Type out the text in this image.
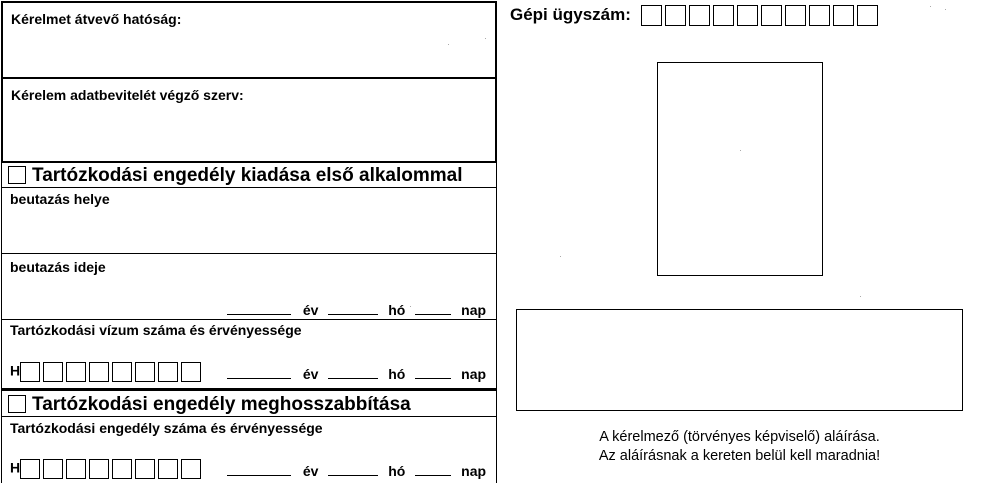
Kérelmet átvevő hatóság:
Kérelem adatbevitelét végző szerv:
Tartózkodási engedély kiadása első alkalommal
beutazás helye
beutazás ideje
év	hó	nap
Tartózkodási vízum száma és érvényessége
H	év	hó	nap
Tartózkodási engedély meghosszabbítása
Tartózkodási engedély száma és érvényessége
H	év	hó	nap
Gépi ügyszám:
A kérelmező (törvényes képviselő) aláírása.
Az aláírásnak a kereten belül kell maradnia!
